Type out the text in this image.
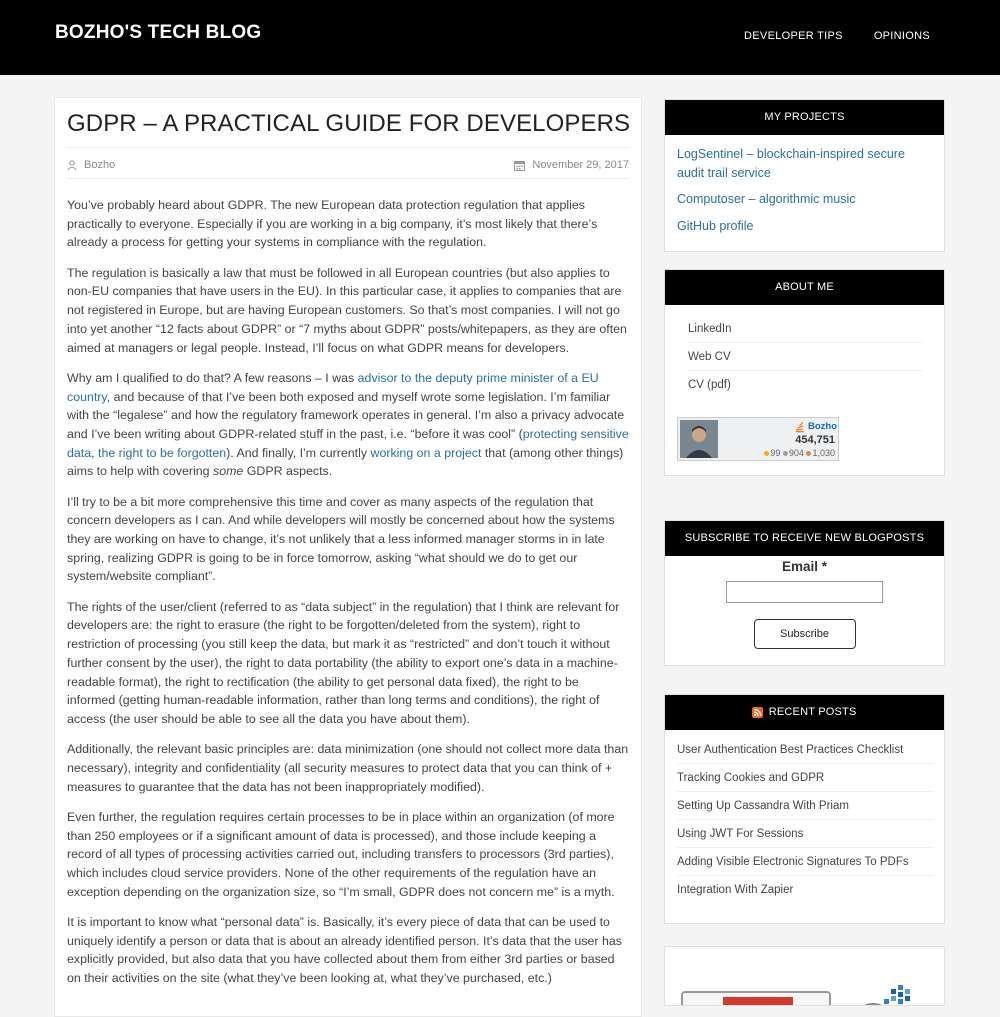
BOZHO'S TECH BLOG	DEVELOPER TIPS	OPINIONS
GDPR – A PRACTICAL GUIDE FOR DEVELOPERS
Bozho	November 29, 2017

You’ve probably heard about GDPR. The new European data protection regulation that applies practically to everyone. Especially if you are working in a big company, it’s most likely that there’s already a process for getting your systems in compliance with the regulation.

The regulation is basically a law that must be followed in all European countries (but also applies to non-EU companies that have users in the EU). In this particular case, it applies to companies that are not registered in Europe, but are having European customers. So that’s most companies. I will not go into yet another “12 facts about GDPR” or “7 myths about GDPR” posts/whitepapers, as they are often aimed at managers or legal people. Instead, I’ll focus on what GDPR means for developers.

Why am I qualified to do that? A few reasons – I was advisor to the deputy prime minister of a EU country, and because of that I’ve been both exposed and myself wrote some legislation. I’m familiar with the “legalese” and how the regulatory framework operates in general. I’m also a privacy advocate and I’ve been writing about GDPR-related stuff in the past, i.e. “before it was cool” (protecting sensitive data, the right to be forgotten). And finally, I’m currently working on a project that (among other things) aims to help with covering some GDPR aspects.

I’ll try to be a bit more comprehensive this time and cover as many aspects of the regulation that concern developers as I can. And while developers will mostly be concerned about how the systems they are working on have to change, it’s not unlikely that a less informed manager storms in in late spring, realizing GDPR is going to be in force tomorrow, asking “what should we do to get our system/website compliant”.

The rights of the user/client (referred to as “data subject” in the regulation) that I think are relevant for developers are: the right to erasure (the right to be forgotten/deleted from the system), right to restriction of processing (you still keep the data, but mark it as “restricted” and don’t touch it without further consent by the user), the right to data portability (the ability to export one’s data in a machine-readable format), the right to rectification (the ability to get personal data fixed), the right to be informed (getting human-readable information, rather than long terms and conditions), the right of access (the user should be able to see all the data you have about them).

Additionally, the relevant basic principles are: data minimization (one should not collect more data than necessary), integrity and confidentiality (all security measures to protect data that you can think of + measures to guarantee that the data has not been inappropriately modified).

Even further, the regulation requires certain processes to be in place within an organization (of more than 250 employees or if a significant amount of data is processed), and those include keeping a record of all types of processing activities carried out, including transfers to processors (3rd parties), which includes cloud service providers. None of the other requirements of the regulation have an exception depending on the organization size, so “I’m small, GDPR does not concern me” is a myth.

It is important to know what “personal data” is. Basically, it’s every piece of data that can be used to uniquely identify a person or data that is about an already identified person. It’s data that the user has explicitly provided, but also data that you have collected about them from either 3rd parties or based on their activities on the site (what they’ve been looking at, what they’ve purchased, etc.)

MY PROJECTS
LogSentinel – blockchain-inspired secure audit trail service
Computoser – algorithmic music
GitHub profile
ABOUT ME
LinkedIn
Web CV
CV (pdf)
Bozho
454,751
99 904 1,030
SUBSCRIBE TO RECEIVE NEW BLOGPOSTS
Email *
Subscribe
RECENT POSTS
User Authentication Best Practices Checklist
Tracking Cookies and GDPR
Setting Up Cassandra With Priam
Using JWT For Sessions
Adding Visible Electronic Signatures To PDFs
Integration With Zapier
